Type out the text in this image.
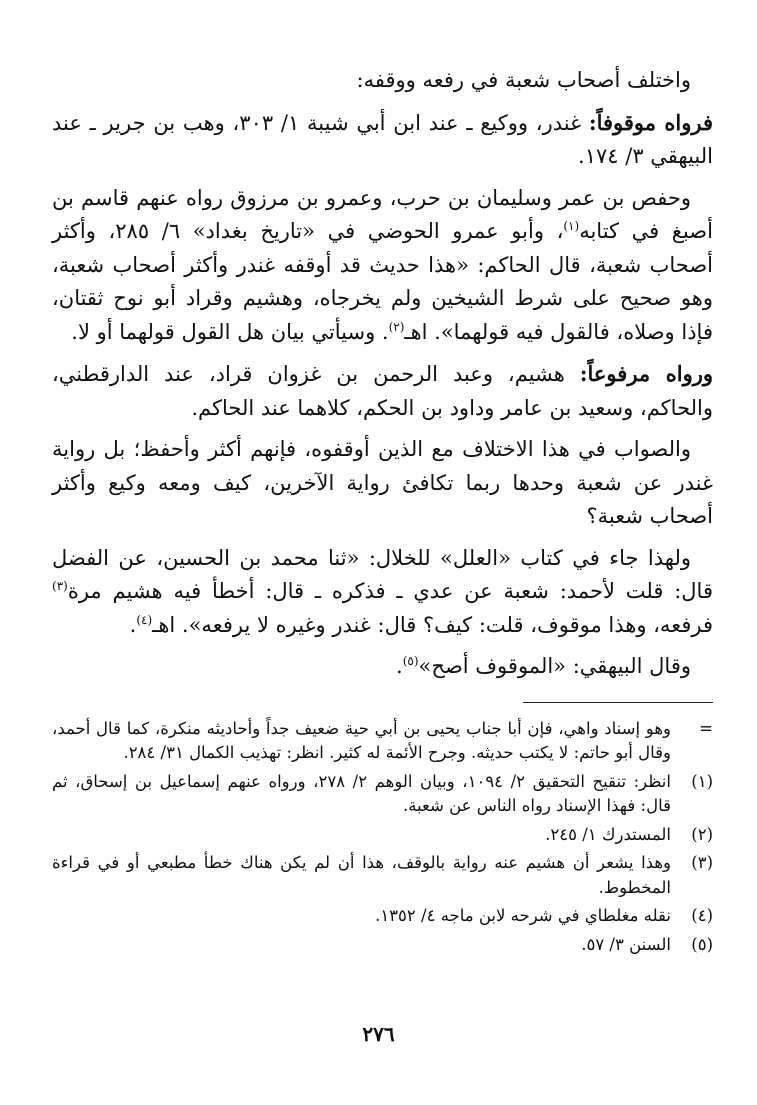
واختلف أصحاب شعبة في رفعه ووقفه:

فرواه موقوفاً: غندر، ووكيع ـ عند ابن أبي شيبة ١/ ٣٠٣، وهب بن جرير ـ عند البيهقي ٣/ ١٧٤.

وحفص بن عمر وسليمان بن حرب، وعمرو بن مرزوق رواه عنهم قاسم بن أصبغ في كتابه$^{(١)}$، وأبو عمرو الحوضي في «تاريخ بغداد» ٦/ ٢٨٥، وأكثر أصحاب شعبة، قال الحاكم: «هذا حديث قد أوقفه غندر وأكثر أصحاب شعبة، وهو صحيح على شرط الشيخين ولم يخرجاه، وهشيم وقراد أبو نوح ثقتان، فإذا وصلاه، فالقول فيه قولهما». اهـ$^{(٢)}$. وسيأتي بيان هل القول قولهما أو لا.

ورواه مرفوعاً: هشيم، وعبد الرحمن بن غزوان قراد، عند الدارقطني، والحاكم، وسعيد بن عامر وداود بن الحكم، كلاهما عند الحاكم.

والصواب في هذا الاختلاف مع الذين أوقفوه، فإنهم أكثر وأحفظ؛ بل رواية غندر عن شعبة وحدها ربما تكافئ رواية الآخرين، كيف ومعه وكيع وأكثر أصحاب شعبة؟

ولهذا جاء في كتاب «العلل» للخلال: «ثنا محمد بن الحسين، عن الفضل قال: قلت لأحمد: شعبة عن عدي ـ فذكره ـ قال: أخطأ فيه هشيم مرة$^{(٣)}$ فرفعه، وهذا موقوف، قلت: كيف؟ قال: غندر وغيره لا يرفعه». اهـ$^{(٤)}$.

وقال البيهقي: «الموقوف أصح»$^{(٥)}$.

=
وهو إسناد واهي، فإن أبا جناب يحيى بن أبي حية ضعيف جداً وأحاديثه منكرة، كما قال أحمد، وقال أبو حاتم: لا يكتب حديثه. وجرح الأئمة له كثير. انظر: تهذيب الكمال ٣١/ ٢٨٤.
(١)
انظر: تنقيح التحقيق ٢/ ١٠٩٤، وبيان الوهم ٢/ ٢٧٨، ورواه عنهم إسماعيل بن إسحاق، ثم قال: فهذا الإسناد رواه الناس عن شعبة.
(٢)
المستدرك ١/ ٢٤٥.
(٣)
وهذا يشعر أن هشيم عنه رواية بالوقف، هذا أن لم يكن هناك خطأ مطبعي أو في قراءة المخطوط.
(٤)
نقله مغلطاي في شرحه لابن ماجه ٤/ ١٣٥٢.
(٥)
السنن ٣/ ٥٧.
٢٧٦
